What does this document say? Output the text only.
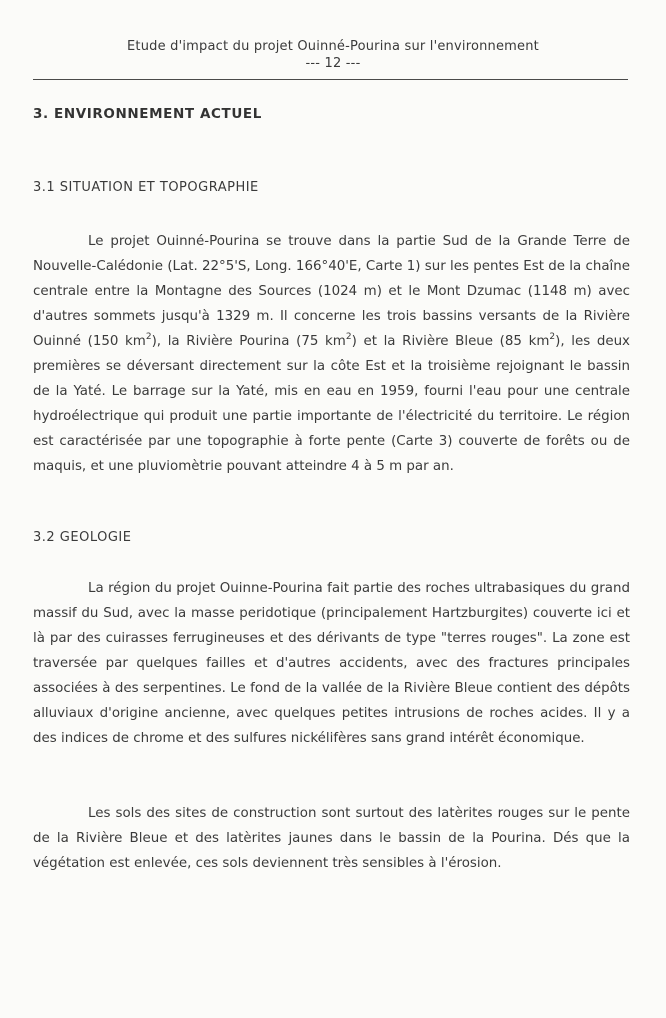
Etude d'impact du projet Ouinné-Pourina sur l'environnement
--- 12 ---
3. ENVIRONNEMENT ACTUEL
3.1 SITUATION ET TOPOGRAPHIE

Le projet Ouinné-Pourina se trouve dans la partie Sud de la Grande Terre de Nouvelle-Calédonie (Lat. 22°5'S, Long. 166°40'E, Carte 1) sur les pentes Est de la chaîne centrale entre la Montagne des Sources (1024 m) et le Mont Dzumac (1148 m) avec d'autres sommets jusqu'à 1329 m. Il concerne les trois bassins versants de la Rivière Ouinné (150 $km^2$), la Rivière Pourina (75 $km^2$) et la Rivière Bleue (85 $km^2$), les deux premières se déversant directement sur la côte Est et la troisième rejoignant le bassin de la Yaté. Le barrage sur la Yaté, mis en eau en 1959, fourni l'eau pour une centrale hydroélectrique qui produit une partie importante de l'électricité du territoire. Le région est caractérisée par une topographie à forte pente (Carte 3) couverte de forêts ou de maquis, et une pluviomètrie pouvant atteindre 4 à 5 m par an.

3.2 GEOLOGIE

La région du projet Ouinne-Pourina fait partie des roches ultrabasiques du grand massif du Sud, avec la masse peridotique (principalement Hartzburgites) couverte ici et là par des cuirasses ferrugineuses et des dérivants de type "terres rouges". La zone est traversée par quelques failles et d'autres accidents, avec des fractures principales associées à des serpentines. Le fond de la vallée de la Rivière Bleue contient des dépôts alluviaux d'origine ancienne, avec quelques petites intrusions de roches acides. Il y a des indices de chrome et des sulfures nickélifères sans grand intérêt économique.

Les sols des sites de construction sont surtout des latèrites rouges sur le pente de la Rivière Bleue et des latèrites jaunes dans le bassin de la Pourina. Dés que la végétation est enlevée, ces sols deviennent très sensibles à l'érosion.
